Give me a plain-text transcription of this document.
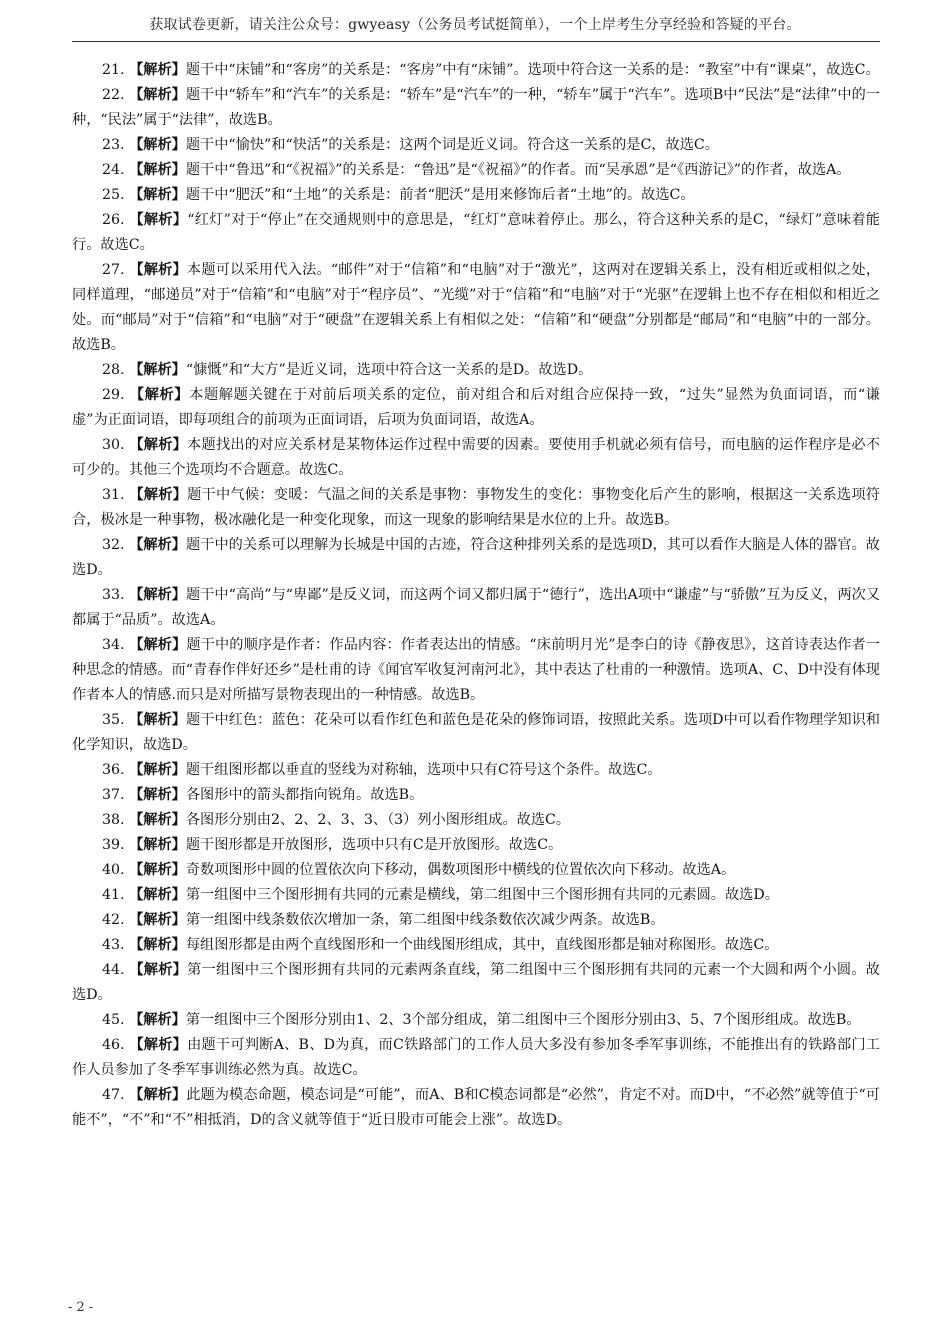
获取试卷更新，请关注公众号：gwyeasy（公务员考试挺简单），一个上岸考生分享经验和答疑的平台。

21. 【解析】题干中“床铺”和“客房”的关系是：“客房”中有“床铺”。选项中符合这一关系的是：“教室”中有“课桌”，故选C。

22. 【解析】题干中“轿车”和“汽车”的关系是：“轿车”是“汽车”的一种，“轿车”属于“汽车”。选项B中“民法”是“法律”中的一种，“民法”属于“法律”，故选B。

23. 【解析】题干中“愉快”和“快活”的关系是：这两个词是近义词。符合这一关系的是C，故选C。

24. 【解析】题干中“鲁迅”和“《祝福》”的关系是：“鲁迅”是“《祝福》”的作者。而“吴承恩”是“《西游记》”的作者，故选A。

25. 【解析】题干中“肥沃”和“土地”的关系是：前者“肥沃”是用来修饰后者“土地”的。故选C。

26. 【解析】“红灯”对于“停止”在交通规则中的意思是，“红灯”意味着停止。那么，符合这种关系的是C，“绿灯”意味着能行。故选C。

27. 【解析】本题可以采用代入法。“邮件”对于“信箱”和“电脑”对于“激光”，这两对在逻辑关系上，没有相近或相似之处，同样道理，“邮递员”对于“信箱”和“电脑”对于“程序员”、“光缆”对于“信箱”和“电脑”对于“光驱”在逻辑上也不存在相似和相近之处。而“邮局”对于“信箱”和“电脑”对于“硬盘”在逻辑关系上有相似之处：“信箱”和“硬盘”分别都是“邮局”和“电脑”中的一部分。故选B。

28. 【解析】“慷慨”和“大方”是近义词，选项中符合这一关系的是D。故选D。

29. 【解析】本题解题关键在于对前后项关系的定位，前对组合和后对组合应保持一致，“过失”显然为负面词语，而“谦虚”为正面词语，即每项组合的前项为正面词语，后项为负面词语，故选A。

30. 【解析】本题找出的对应关系材是某物体运作过程中需要的因素。要使用手机就必须有信号，而电脑的运作程序是必不可少的。其他三个选项均不合题意。故选C。

31. 【解析】题干中气候：变暖：气温之间的关系是事物：事物发生的变化：事物变化后产生的影响，根据这一关系选项符合，极冰是一种事物，极冰融化是一种变化现象，而这一现象的影响结果是水位的上升。故选B。

32. 【解析】题干中的关系可以理解为长城是中国的古迹，符合这种排列关系的是选项D，其可以看作大脑是人体的器官。故选D。

33. 【解析】题干中“高尚”与“卑鄙”是反义词，而这两个词又都归属于“德行”，选出A项中“谦虚”与“骄傲”互为反义，两次又都属于“品质”。故选A。

34. 【解析】题干中的顺序是作者：作品内容：作者表达出的情感。“床前明月光”是李白的诗《静夜思》，这首诗表达作者一种思念的情感。而“青春作伴好还乡”是杜甫的诗《闻官军收复河南河北》，其中表达了杜甫的一种激情。选项A、C、D中没有体现作者本人的情感.而只是对所描写景物表现出的一种情感。故选B。

35. 【解析】题干中红色：蓝色：花朵可以看作红色和蓝色是花朵的修饰词语，按照此关系。选项D中可以看作物理学知识和化学知识，故选D。

36. 【解析】题干组图形都以垂直的竖线为对称轴，选项中只有C符号这个条件。故选C。

37. 【解析】各图形中的箭头都指向锐角。故选B。

38. 【解析】各图形分别由2、2、2、3、3、（3）列小图形组成。故选C。

39. 【解析】题干图形都是开放图形，选项中只有C是开放图形。故选C。

40. 【解析】奇数项图形中圆的位置依次向下移动，偶数项图形中横线的位置依次向下移动。故选A。

41. 【解析】第一组图中三个图形拥有共同的元素是横线，第二组图中三个图形拥有共同的元素圆。故选D。

42. 【解析】第一组图中线条数依次增加一条，第二组图中线条数依次减少两条。故选B。

43. 【解析】每组图形都是由两个直线图形和一个曲线图形组成，其中，直线图形都是轴对称图形。故选C。

44. 【解析】第一组图中三个图形拥有共同的元素两条直线，第二组图中三个图形拥有共同的元素一个大圆和两个小圆。故选D。

45. 【解析】第一组图中三个图形分别由1、2、3个部分组成，第二组图中三个图形分别由3、5、7个图形组成。故选B。

46. 【解析】由题干可判断A、B、D为真，而C铁路部门的工作人员大多没有参加冬季军事训练，不能推出有的铁路部门工作人员参加了冬季军事训练必然为真。故选C。

47. 【解析】此题为模态命题，模态词是“可能”，而A、B和C模态词都是“必然”，肯定不对。而D中，“不必然”就等值于“可能不”，“不”和“不”相抵消，D的含义就等值于“近日股市可能会上涨”。故选D。

- 2 -
